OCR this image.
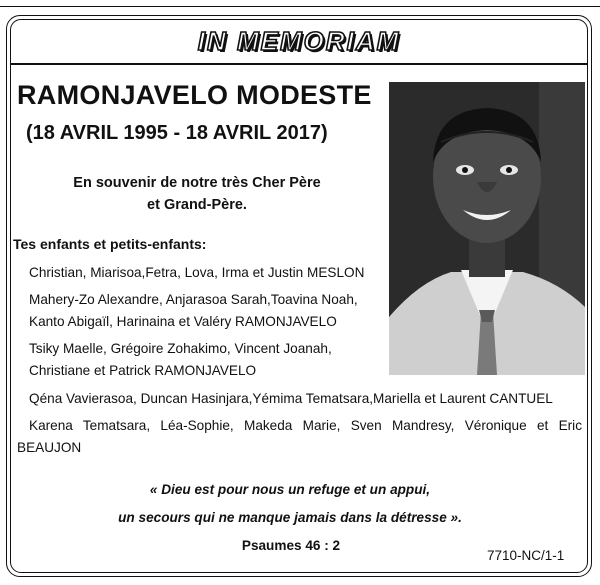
IN MEMORIAM
RAMONJAVELO MODESTE
(18 AVRIL 1995 - 18 AVRIL 2017)
En souvenir de notre très Cher Père
et Grand-Père.
Tes enfants et petits-enfants:
Christian, Miarisoa,Fetra, Lova, Irma et Justin MESLON
Mahery-Zo Alexandre, Anjarasoa Sarah,Toavina Noah,
Kanto Abigaïl, Harinaina et Valéry RAMONJAVELO
Tsiky Maelle, Grégoire Zohakimo, Vincent Joanah,
Christiane et Patrick RAMONJAVELO
Qéna Vavierasoa, Duncan Hasinjara,Yémima Tematsara,Mariella et Laurent CANTUEL
Karena Tematsara, Léa-Sophie, Makeda Marie, Sven Mandresy, Véronique et Eric
BEAUJON
« Dieu est pour nous un refuge et un appui,
un secours qui ne manque jamais dans la détresse ».
Psaumes 46 : 2
7710-NC/1-1
